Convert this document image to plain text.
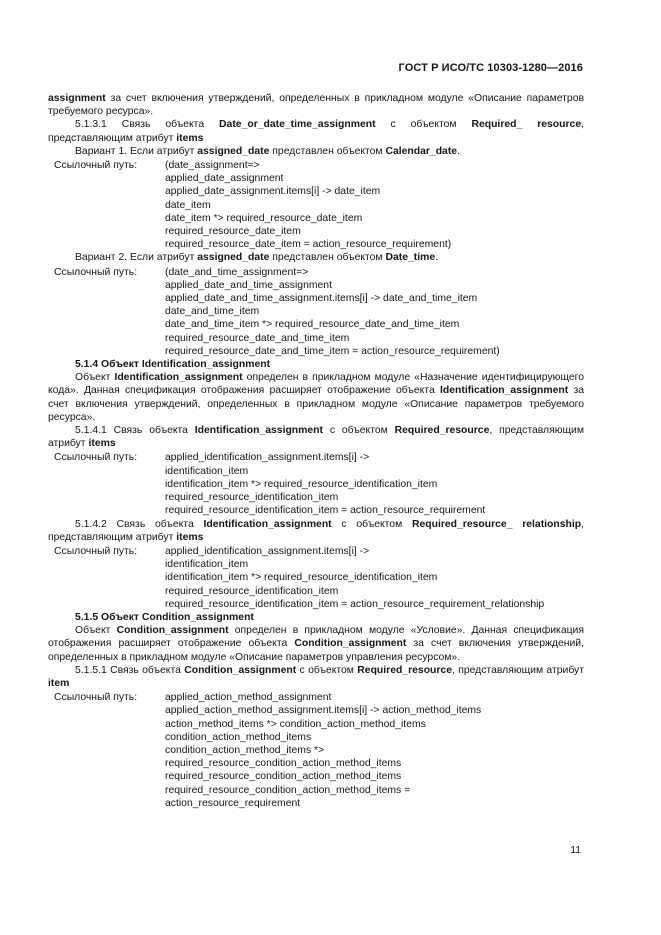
ГОСТ Р ИСО/ТС 10303-1280—2016

assignment за счет включения утверждений, определенных в прикладном модуле «Описание параметров требуемого ресурса».

5.1.3.1 Связь объекта Date_or_date_time_assignment с объектом Required_ resource, представляющим атрибут items

Вариант 1. Если атрибут assigned_date представлен объектом Calendar_date.

Ссылочный путь:	(date_assignment=>
applied_date_assignment
applied_date_assignment.items[i] -> date_item
date_item
date_item *> required_resource_date_item
required_resource_date_item
required_resource_date_item = action_resource_requirement)

Вариант 2. Если атрибут assigned_date представлен объектом Date_time.

Ссылочный путь:	(date_and_time_assignment=>
applied_date_and_time_assignment
applied_date_and_time_assignment.items[i] -> date_and_time_item
date_and_time_item
date_and_time_item *> required_resource_date_and_time_item
required_resource_date_and_time_item
required_resource_date_and_time_item = action_resource_requirement)

5.1.4 Объект Identification_assignment

Объект Identification_assignment определен в прикладном модуле «Назначение идентифицирующего кода». Данная спецификация отображения расширяет отображение объекта Identification_assignment за счет включения утверждений, определенных в прикладном модуле «Описание параметров требуемого ресурса».

5.1.4.1 Связь объекта Identification_assignment с объектом Required_resource, представляющим атрибут items

Ссылочный путь:	applied_identification_assignment.items[i] ->
identification_item
identification_item *> required_resource_identification_item
required_resource_identification_item
required_resource_identification_item = action_resource_requirement

5.1.4.2 Связь объекта Identification_assignment с объектом Required_resource_ relationship, представляющим атрибут items

Ссылочный путь:	applied_identification_assignment.items[i] ->
identification_item
identification_item *> required_resource_identification_item
required_resource_identification_item
required_resource_identification_item = action_resource_requirement_relationship

5.1.5 Объект Condition_assignment

Объект Condition_assignment определен в прикладном модуле «Условие». Данная спецификация отображения расширяет отображение объекта Condition_assignment за счет включения утверждений, определенных в прикладном модуле «Описание параметров управления ресурсом».

5.1.5.1 Связь объекта Condition_assignment с объектом Required_resource, представляющим атрибут item

Ссылочный путь:	applied_action_method_assignment
applied_action_method_assignment.items[i] -> action_method_items
action_method_items *> condition_action_method_items
condition_action_method_items
condition_action_method_items *>
required_resource_condition_action_method_items
required_resource_condition_action_method_items
required_resource_condition_action_method_items =
action_resource_requirement
11
